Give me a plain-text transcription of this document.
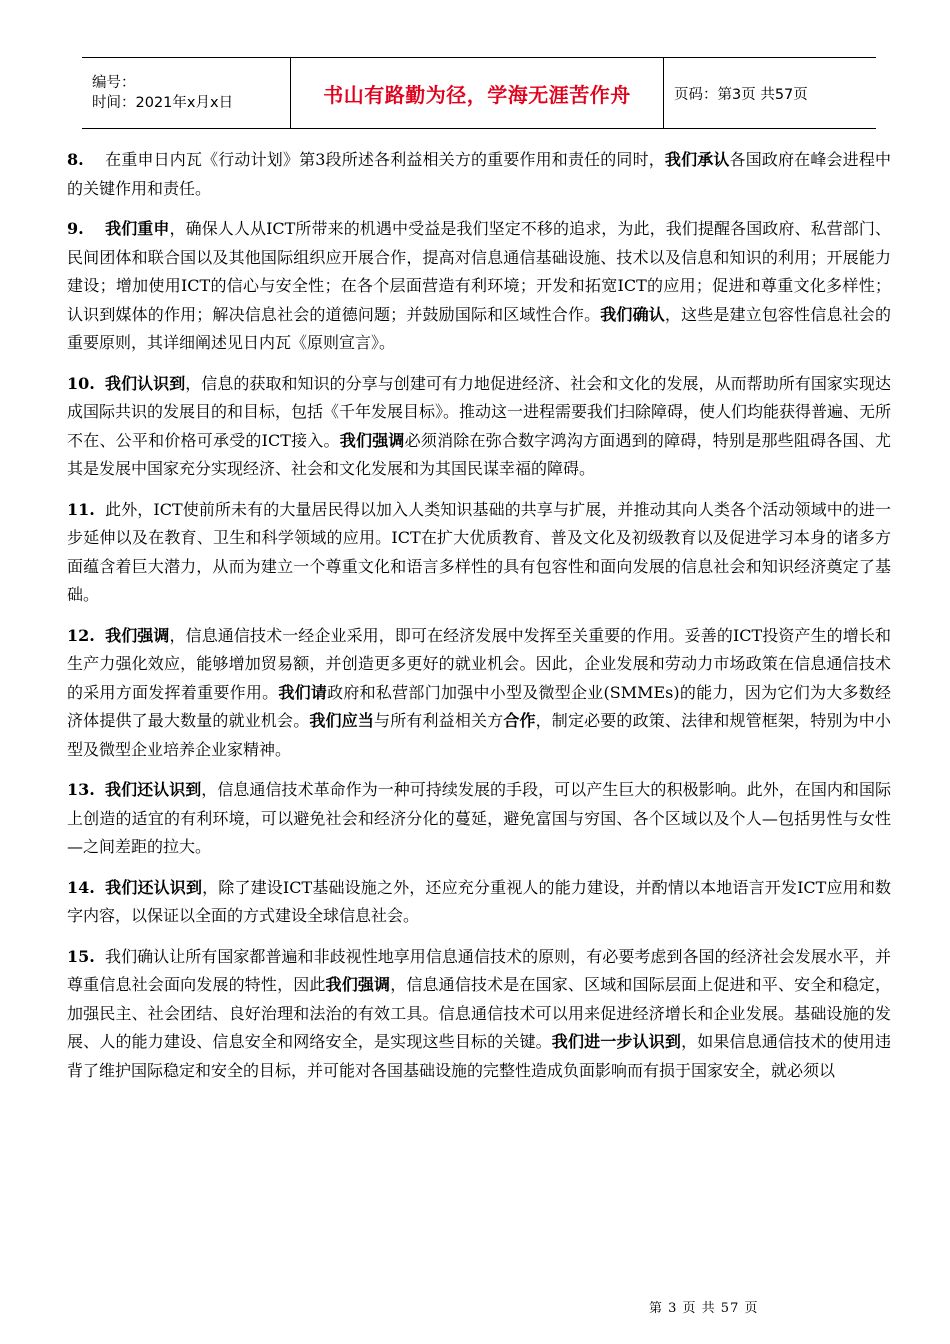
编号：
时间：2021年x月x日	书山有路勤为径，学海无涯苦作舟	页码：第3页 共57页

8. 在重申日内瓦《行动计划》第3段所述各利益相关方的重要作用和责任的同时，我们承认各国政府在峰会进程中的关键作用和责任。

9. 我们重申，确保人人从ICT所带来的机遇中受益是我们坚定不移的追求，为此，我们提醒各国政府、私营部门、民间团体和联合国以及其他国际组织应开展合作，提高对信息通信基础设施、技术以及信息和知识的利用；开展能力建设；增加使用ICT的信心与安全性；在各个层面营造有利环境；开发和拓宽ICT的应用；促进和尊重文化多样性；认识到媒体的作用；解决信息社会的道德问题；并鼓励国际和区域性合作。我们确认，这些是建立包容性信息社会的重要原则，其详细阐述见日内瓦《原则宣言》。

10. 我们认识到，信息的获取和知识的分享与创建可有力地促进经济、社会和文化的发展，从而帮助所有国家实现达成国际共识的发展目的和目标，包括《千年发展目标》。推动这一进程需要我们扫除障碍，使人们均能获得普遍、无所不在、公平和价格可承受的ICT接入。我们强调必须消除在弥合数字鸿沟方面遇到的障碍，特别是那些阻碍各国、尤其是发展中国家充分实现经济、社会和文化发展和为其国民谋幸福的障碍。

11. 此外，ICT使前所未有的大量居民得以加入人类知识基础的共享与扩展，并推动其向人类各个活动领域中的进一步延伸以及在教育、卫生和科学领域的应用。ICT在扩大优质教育、普及文化及初级教育以及促进学习本身的诸多方面蕴含着巨大潜力，从而为建立一个尊重文化和语言多样性的具有包容性和面向发展的信息社会和知识经济奠定了基础。

12. 我们强调，信息通信技术一经企业采用，即可在经济发展中发挥至关重要的作用。妥善的ICT投资产生的增长和生产力强化效应，能够增加贸易额，并创造更多更好的就业机会。因此，企业发展和劳动力市场政策在信息通信技术的采用方面发挥着重要作用。我们请政府和私营部门加强中小型及微型企业(SMMEs)的能力，因为它们为大多数经济体提供了最大数量的就业机会。我们应当与所有利益相关方合作，制定必要的政策、法律和规管框架，特别为中小型及微型企业培养企业家精神。

13. 我们还认识到，信息通信技术革命作为一种可持续发展的手段，可以产生巨大的积极影响。此外，在国内和国际上创造的适宜的有利环境，可以避免社会和经济分化的蔓延，避免富国与穷国、各个区域以及个人—包括男性与女性—之间差距的拉大。

14. 我们还认识到，除了建设ICT基础设施之外，还应充分重视人的能力建设，并酌情以本地语言开发ICT应用和数字内容，以保证以全面的方式建设全球信息社会。

15. 我们确认让所有国家都普遍和非歧视性地享用信息通信技术的原则，有必要考虑到各国的经济社会发展水平，并尊重信息社会面向发展的特性，因此我们强调，信息通信技术是在国家、区域和国际层面上促进和平、安全和稳定，加强民主、社会团结、良好治理和法治的有效工具。信息通信技术可以用来促进经济增长和企业发展。基础设施的发展、人的能力建设、信息安全和网络安全，是实现这些目标的关键。我们进一步认识到，如果信息通信技术的使用违背了维护国际稳定和安全的目标，并可能对各国基础设施的完整性造成负面影响而有损于国家安全，就必须以

第 3 页 共 57 页
